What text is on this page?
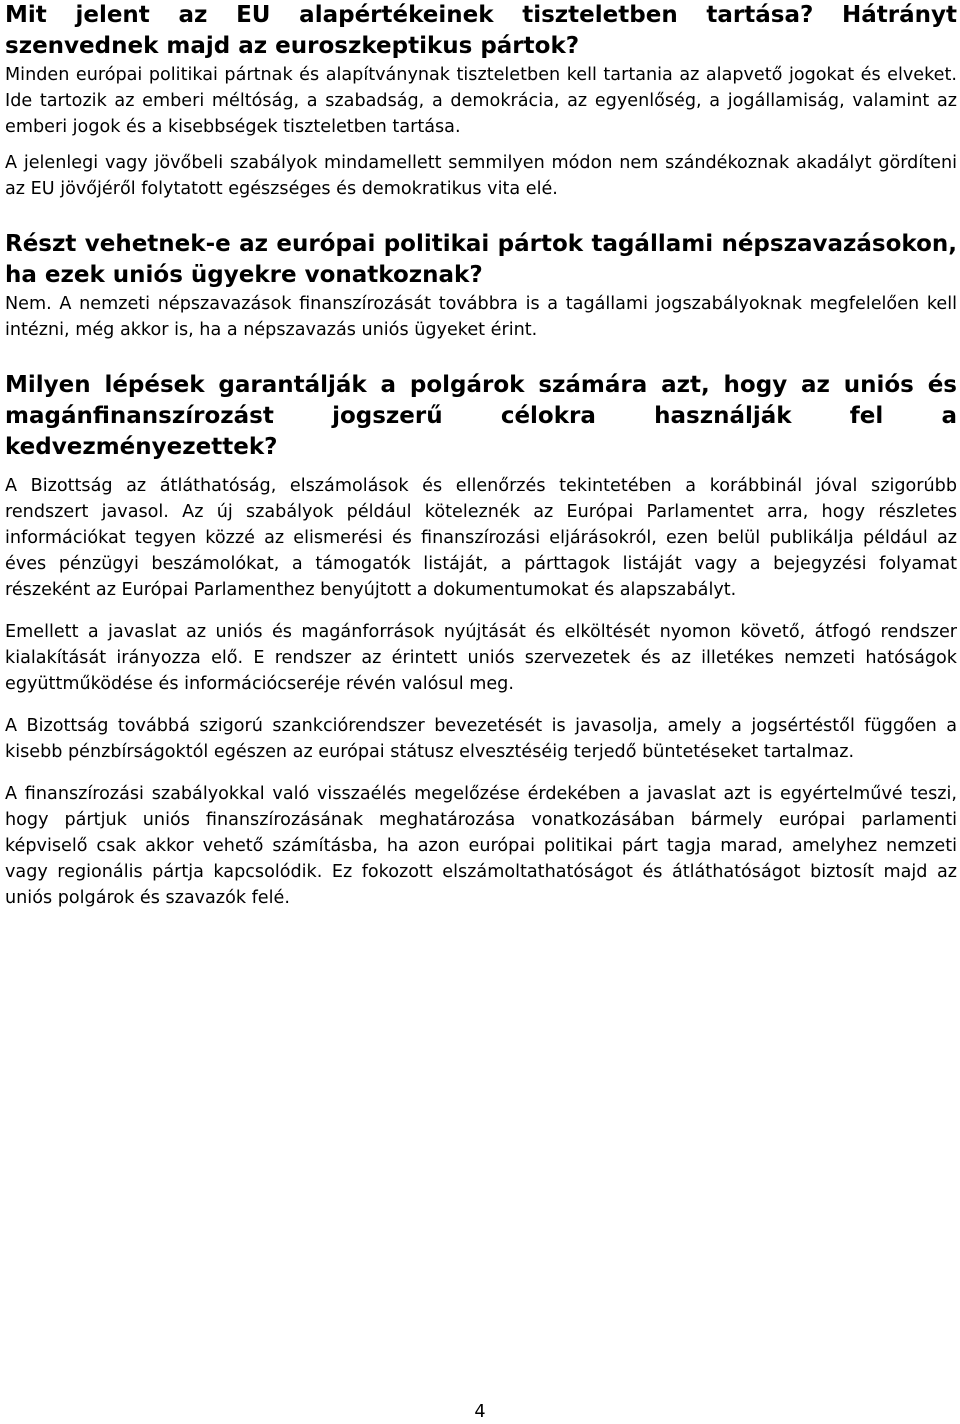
Mit jelent az EU alapértékeinek tiszteletben tartása? Hátrányt szenvednek majd az euroszkeptikus pártok?

Minden európai politikai pártnak és alapítványnak tiszteletben kell tartania az alapvető jogokat és elveket. Ide tartozik az emberi méltóság, a szabadság, a demokrácia, az egyenlőség, a jogállamiság, valamint az emberi jogok és a kisebbségek tiszteletben tartása.

A jelenlegi vagy jövőbeli szabályok mindamellett semmilyen módon nem szándékoznak akadályt gördíteni az EU jövőjéről folytatott egészséges és demokratikus vita elé.

Részt vehetnek-e az európai politikai pártok tagállami népszavazásokon, ha ezek uniós ügyekre vonatkoznak?

Nem. A nemzeti népszavazások finanszírozását továbbra is a tagállami jogszabályoknak megfelelően kell intézni, még akkor is, ha a népszavazás uniós ügyeket érint.

Milyen lépések garantálják a polgárok számára azt, hogy az uniós és magánfinanszírozást jogszerű célokra használják fel a kedvezményezettek?

A Bizottság az átláthatóság, elszámolások és ellenőrzés tekintetében a korábbinál jóval szigorúbb rendszert javasol. Az új szabályok például köteleznék az Európai Parlamentet arra, hogy részletes információkat tegyen közzé az elismerési és finanszírozási eljárásokról, ezen belül publikálja például az éves pénzügyi beszámolókat, a támogatók listáját, a párttagok listáját vagy a bejegyzési folyamat részeként az Európai Parlamenthez benyújtott a dokumentumokat és alapszabályt.

Emellett a javaslat az uniós és magánforrások nyújtását és elköltését nyomon követő, átfogó rendszer kialakítását irányozza elő. E rendszer az érintett uniós szervezetek és az illetékes nemzeti hatóságok együttműködése és információcseréje révén valósul meg.

A Bizottság továbbá szigorú szankciórendszer bevezetését is javasolja, amely a jogsértéstől függően a kisebb pénzbírságoktól egészen az európai státusz elvesztéséig terjedő büntetéseket tartalmaz.

A finanszírozási szabályokkal való visszaélés megelőzése érdekében a javaslat azt is egyértelművé teszi, hogy pártjuk uniós finanszírozásának meghatározása vonatkozásában bármely európai parlamenti képviselő csak akkor vehető számításba, ha azon európai politikai párt tagja marad, amelyhez nemzeti vagy regionális pártja kapcsolódik. Ez fokozott elszámoltathatóságot és átláthatóságot biztosít majd az uniós polgárok és szavazók felé.

4
